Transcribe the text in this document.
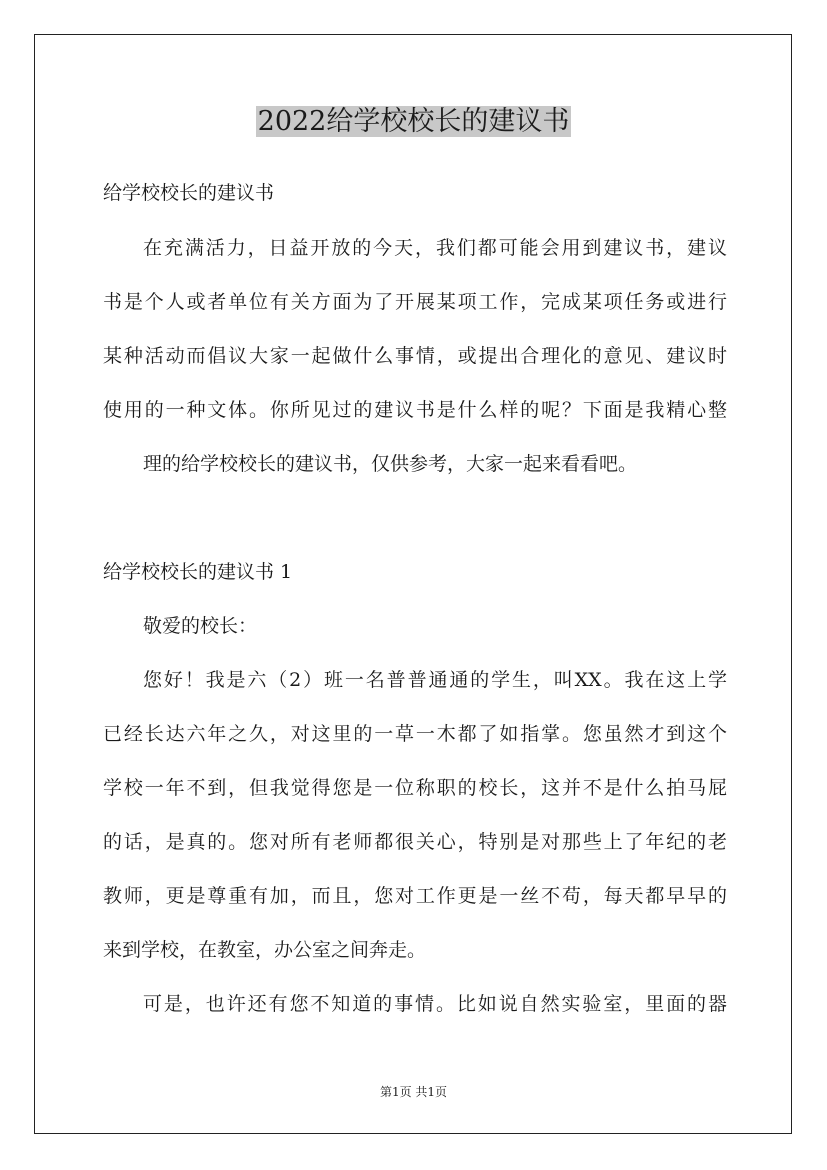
2022给学校校长的建议书

给学校校长的建议书

在充满活力，日益开放的今天，我们都可能会用到建议书，建议

书是个人或者单位有关方面为了开展某项工作，完成某项任务或进行

某种活动而倡议大家一起做什么事情，或提出合理化的意见、建议时

使用的一种文体。你所见过的建议书是什么样的呢？下面是我精心整

理的给学校校长的建议书，仅供参考，大家一起来看看吧。

给学校校长的建议书 1

敬爱的校长：

您好！我是六（2）班一名普普通通的学生，叫XX。我在这上学

已经长达六年之久，对这里的一草一木都了如指掌。您虽然才到这个

学校一年不到，但我觉得您是一位称职的校长，这并不是什么拍马屁

的话，是真的。您对所有老师都很关心，特别是对那些上了年纪的老

教师，更是尊重有加，而且，您对工作更是一丝不苟，每天都早早的

来到学校，在教室，办公室之间奔走。

可是，也许还有您不知道的事情。比如说自然实验室，里面的器

第1页 共1页
